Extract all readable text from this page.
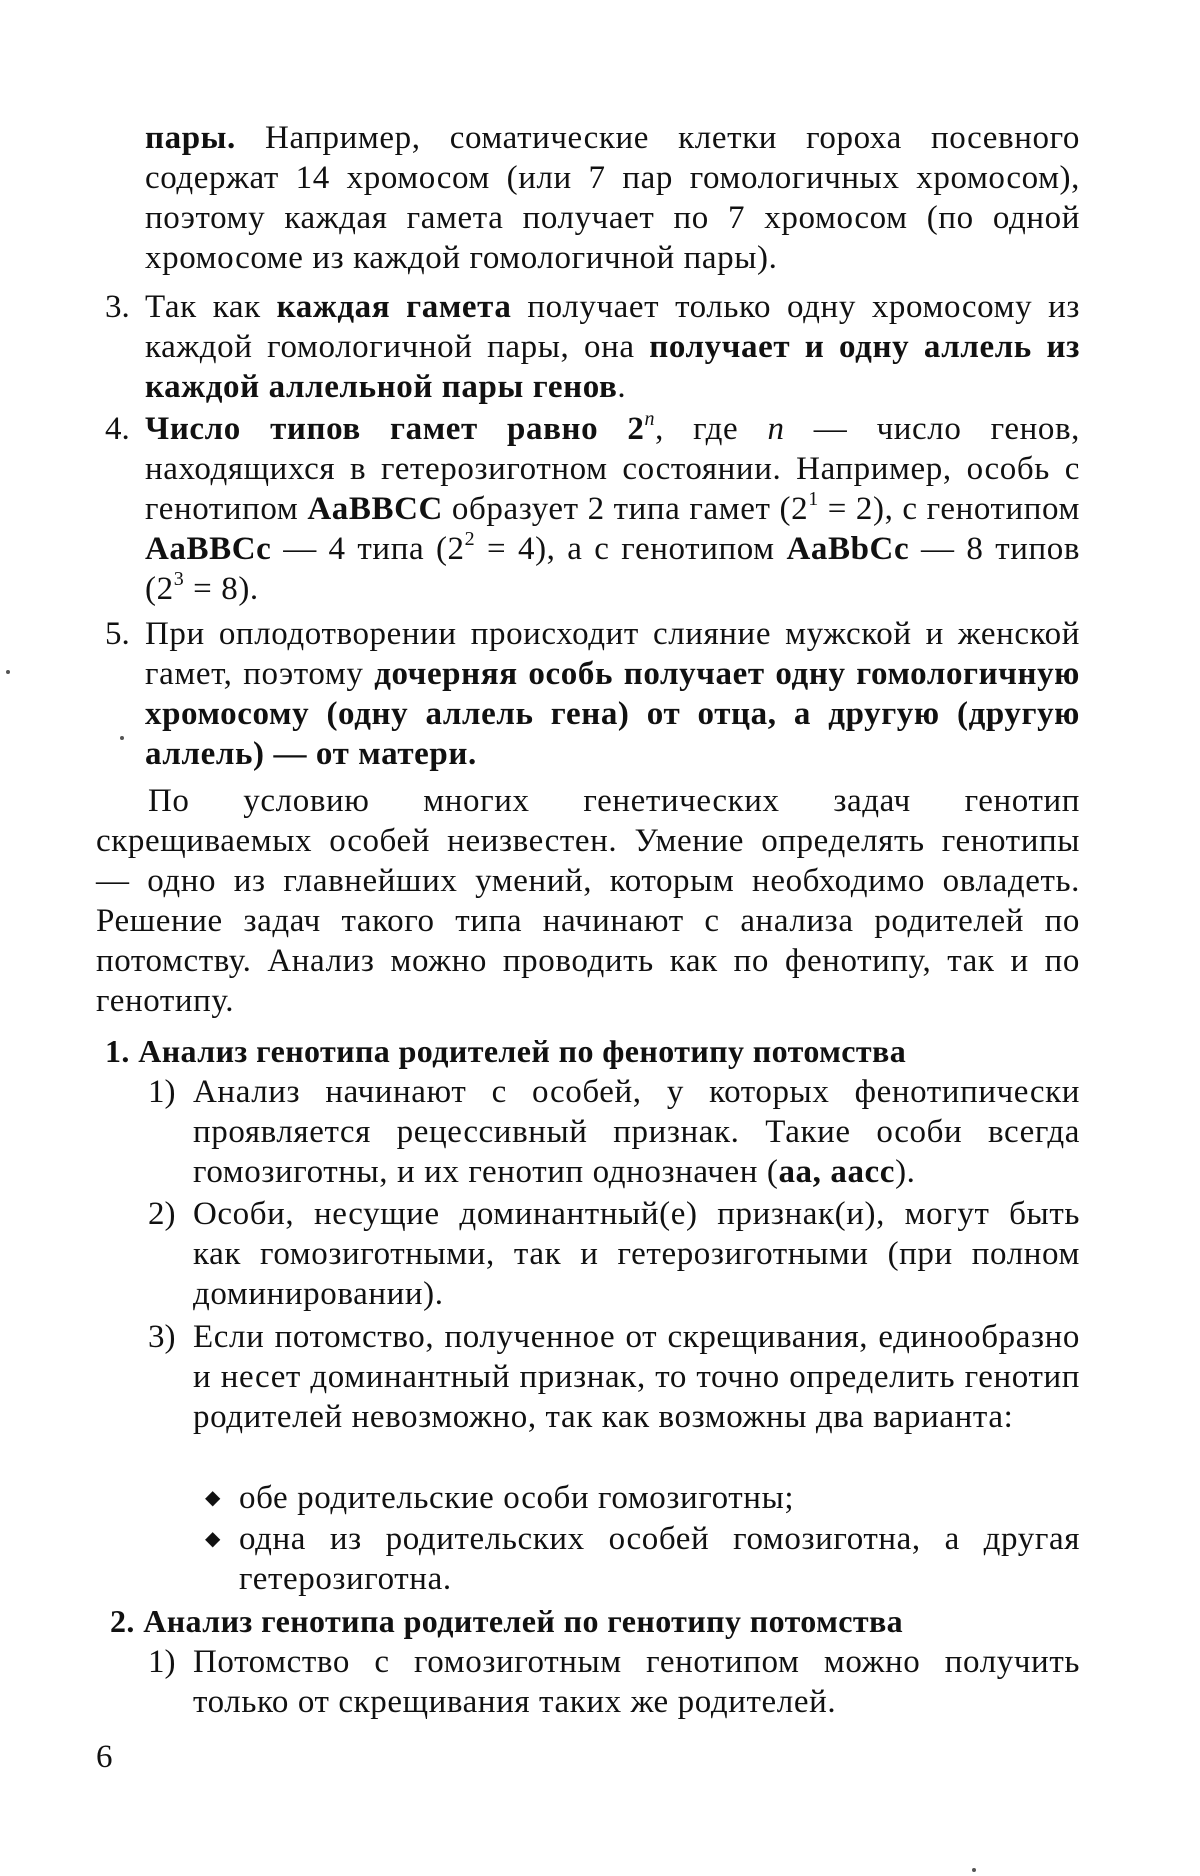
пары. Например, соматические клетки гороха посевного содержат 14 хромосом (или 7 пар гомологичных хромосом), поэтому каждая гамета получает по 7 хромосом (по одной хромосоме из каждой гомологичной пары).

3. Так как каждая гамета получает только одну хромосому из каждой гомологичной пары, она получает и одну аллель из каждой аллельной пары генов.

4. Число типов гамет равно 2$^n$, где n — число генов, находящихся в гетерозиготном состоянии. Например, особь с генотипом AaBBCC образует 2 типа гамет $(2^1 = 2)$, с генотипом AaBBCc — 4 типа $(2^2 = 4)$, а с генотипом AaBbCc — 8 типов $(2^3 = 8)$.

5. При оплодотворении происходит слияние мужской и женской гамет, поэтому дочерняя особь получает одну гомологичную хромосому (одну аллель гена) от отца, а другую (другую аллель) — от матери.

По условию многих генетических задач генотип скрещиваемых особей неизвестен. Умение определять генотипы — одно из главнейших умений, которым необходимо овладеть. Решение задач такого типа начинают с анализа родителей по потомству. Анализ можно проводить как по фенотипу, так и по генотипу.

1. Анализ генотипа родителей по фенотипу потомства
1) Анализ начинают с особей, у которых фенотипически проявляется рецессивный признак. Такие особи всегда гомозиготны, и их генотип однозначен (aa, aacc).

2) Особи, несущие доминантный(е) признак(и), могут быть как гомозиготными, так и гетерозиготными (при полном доминировании).

3) Если потомство, полученное от скрещивания, единообразно и несет доминантный признак, то точно определить генотип родителей невозможно, так как возможны два варианта:

◆ обе родительские особи гомозиготны;

◆ одна из родительских особей гомозиготна, а другая гетерозиготна.

2. Анализ генотипа родителей по генотипу потомства
1) Потомство с гомозиготным генотипом можно получить только от скрещивания таких же родителей.

6
